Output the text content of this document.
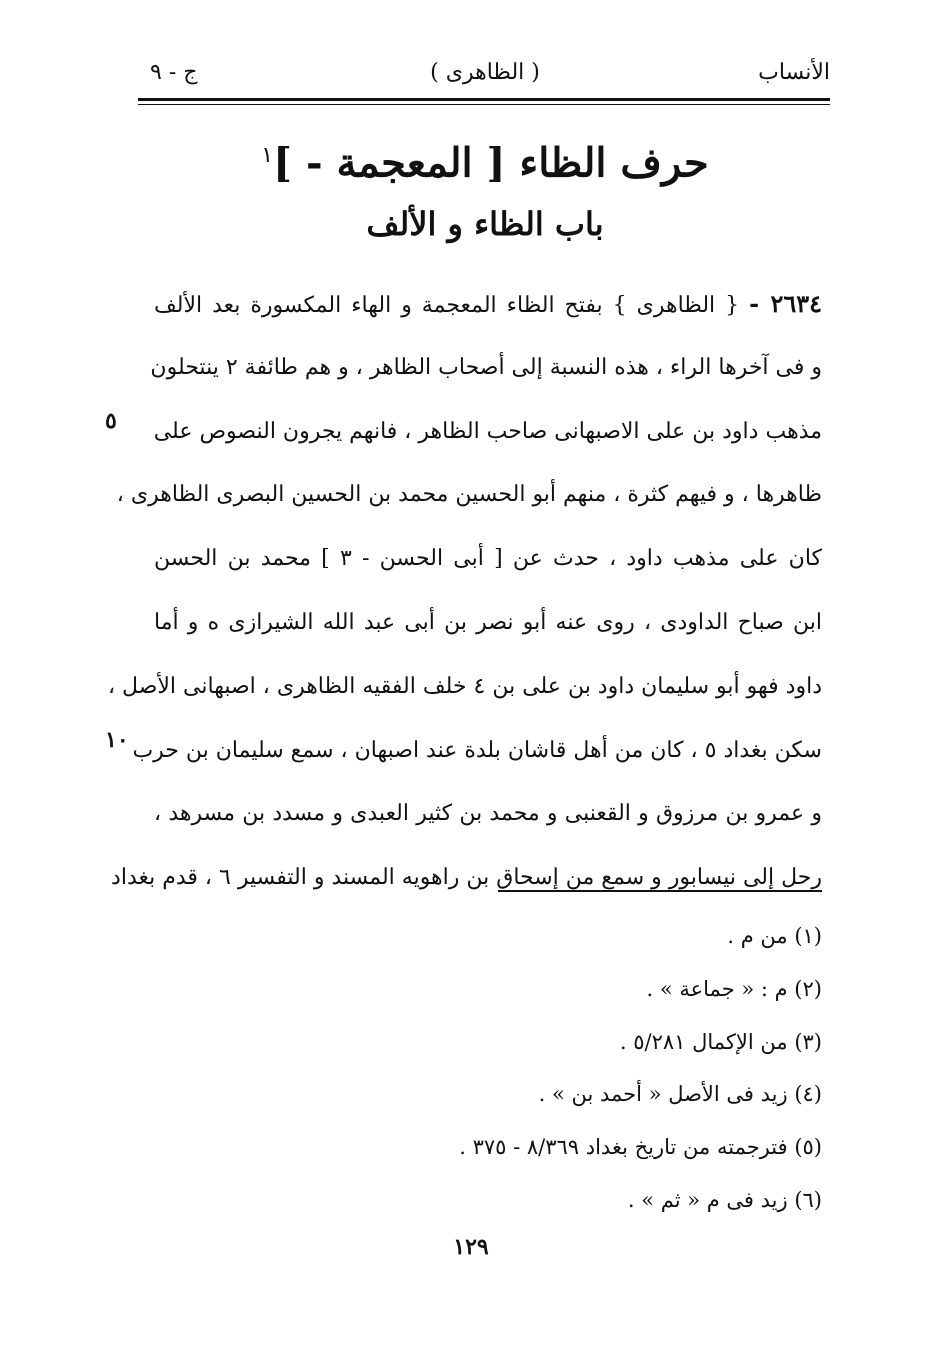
الأنساب
( الظاهرى )
ج - ٩
حرف الظاء [ المعجمة - ]$^١$
باب الظاء و الألف
٢٦٣٤ - { الظاهرى } بفتح الظاء المعجمة و الهاء المكسورة بعد الألف
و فى آخرها الراء ، هذه النسبة إلى أصحاب الظاهر ، و هم طائفة ٢ ينتحلون
مذهب داود بن على الاصبهانى صاحب الظاهر ، فانهم يجرون النصوص على
ظاهرها ، و فيهم كثرة ، منهم أبو الحسين محمد بن الحسين البصرى الظاهرى ،
كان على مذهب داود ، حدث عن [ أبى الحسن - ٣ ] محمد بن الحسن
ابن صباح الداودى ، روى عنه أبو نصر بن أبى عبد الله الشيرازى ه و أما
داود فهو أبو سليمان داود بن على بن ٤ خلف الفقيه الظاهرى ، اصبهانى الأصل ،
سكن بغداد ٥ ، كان من أهل قاشان بلدة عند اصبهان ، سمع سليمان بن حرب
و عمرو بن مرزوق و القعنبى و محمد بن كثير العبدى و مسدد بن مسرهد ،
رحل إلى نيسابور و سمع من إسحاق بن راهويه المسند و التفسير ٦ ، قدم بغداد
٥
١٠
(١) من م .
(٢) م : « جماعة » .
(٣) من الإكمال ٥/٢٨١ .
(٤) زيد فى الأصل « أحمد بن » .
(٥) فترجمته من تاريخ بغداد ٨/٣٦٩ - ٣٧٥ .
(٦) زيد فى م « ثم » .
١٢٩
